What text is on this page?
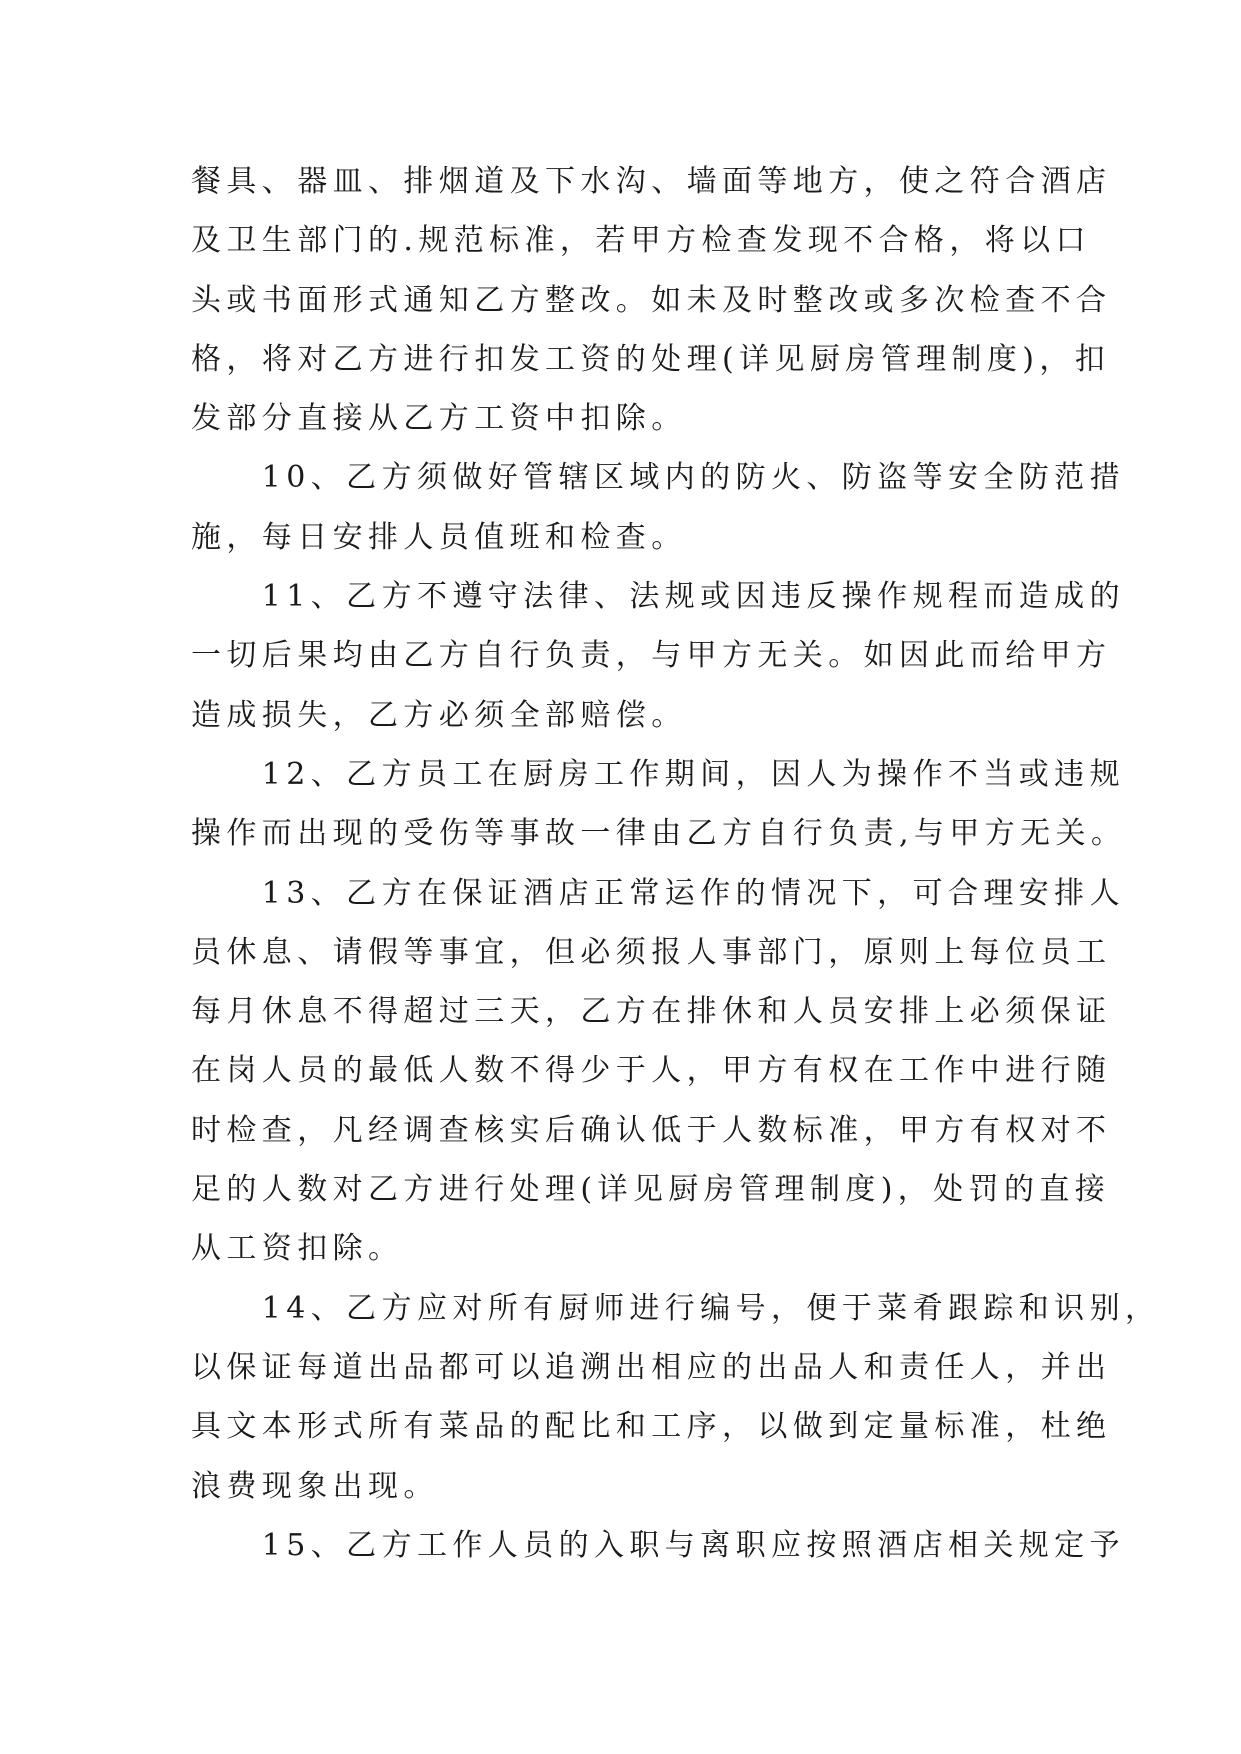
餐具、器皿、排烟道及下水沟、墙面等地方，使之符合酒店
及卫生部门的.规范标准，若甲方检查发现不合格，将以口
头或书面形式通知乙方整改。如未及时整改或多次检查不合
格，将对乙方进行扣发工资的处理(详见厨房管理制度)，扣
发部分直接从乙方工资中扣除。
　　10、乙方须做好管辖区域内的防火、防盗等安全防范措
施，每日安排人员值班和检查。
　　11、乙方不遵守法律、法规或因违反操作规程而造成的
一切后果均由乙方自行负责，与甲方无关。如因此而给甲方
造成损失，乙方必须全部赔偿。
　　12、乙方员工在厨房工作期间，因人为操作不当或违规
操作而出现的受伤等事故一律由乙方自行负责,与甲方无关。
　　13、乙方在保证酒店正常运作的情况下，可合理安排人
员休息、请假等事宜，但必须报人事部门，原则上每位员工
每月休息不得超过三天，乙方在排休和人员安排上必须保证
在岗人员的最低人数不得少于人，甲方有权在工作中进行随
时检查，凡经调查核实后确认低于人数标准，甲方有权对不
足的人数对乙方进行处理(详见厨房管理制度)，处罚的直接
从工资扣除。
　　14、乙方应对所有厨师进行编号，便于菜肴跟踪和识别，
以保证每道出品都可以追溯出相应的出品人和责任人，并出
具文本形式所有菜品的配比和工序，以做到定量标准，杜绝
浪费现象出现。
　　15、乙方工作人员的入职与离职应按照酒店相关规定予
